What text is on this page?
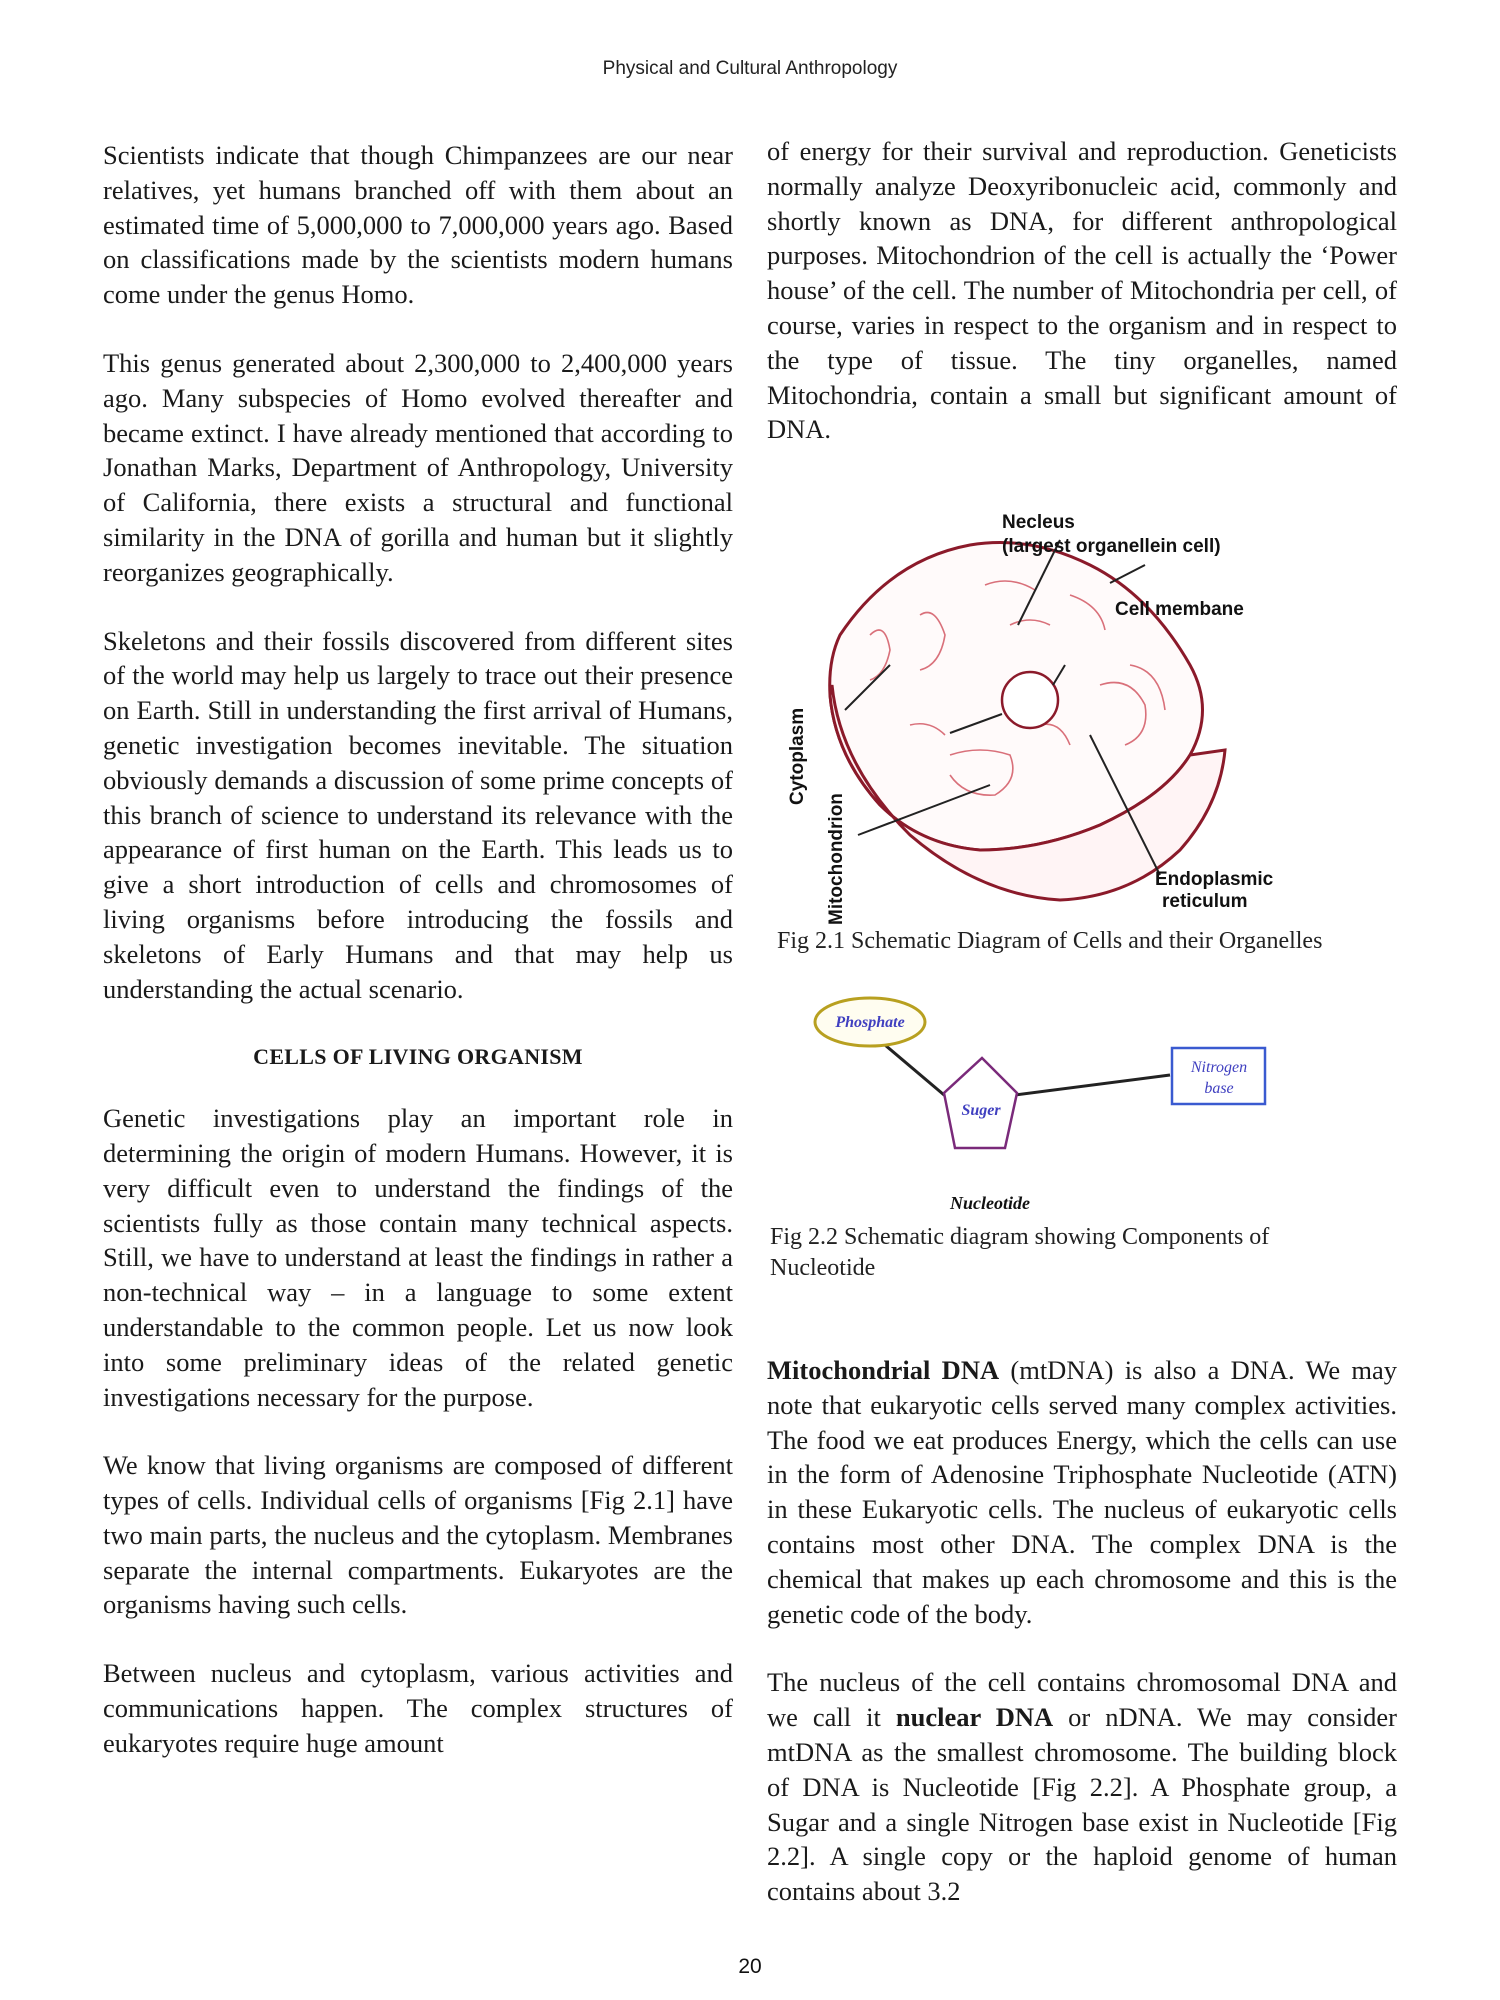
Physical and Cultural Anthropology

Scientists indicate that though Chimpanzees are our near relatives, yet humans branched off with them about an estimated time of 5,000,000 to 7,000,000 years ago. Based on classifications made by the scientists modern humans come under the genus Homo.

This genus generated about 2,300,000 to 2,400,000 years ago. Many subspecies of Homo evolved thereafter and became extinct. I have already mentioned that according to Jonathan Marks, Department of Anthropology, University of California, there exists a structural and functional similarity in the DNA of gorilla and human but it slightly reorganizes geographically.

Skeletons and their fossils discovered from different sites of the world may help us largely to trace out their presence on Earth. Still in understanding the first arrival of Humans, genetic investigation becomes inevitable. The situation obviously demands a discussion of some prime concepts of this branch of science to understand its relevance with the appearance of first human on the Earth. This leads us to give a short introduction of cells and chromosomes of living organisms before introducing the fossils and skeletons of Early Humans and that may help us understanding the actual scenario.

CELLS OF LIVING ORGANISM

Genetic investigations play an important role in determining the origin of modern Humans. However, it is very difficult even to understand the findings of the scientists fully as those contain many technical aspects. Still, we have to understand at least the findings in rather a non-technical way – in a language to some extent understandable to the common people. Let us now look into some preliminary ideas of the related genetic investigations necessary for the purpose.

We know that living organisms are composed of different types of cells. Individual cells of organisms [Fig 2.1] have two main parts, the nucleus and the cytoplasm. Membranes separate the internal compartments. Eukaryotes are the organisms having such cells.

Between nucleus and cytoplasm, various activities and communications happen. The complex structures of eukaryotes require huge amount

of energy for their survival and reproduction. Geneticists normally analyze Deoxyribonucleic acid, commonly and shortly known as DNA, for different anthropological purposes. Mitochondrion of the cell is actually the ‘Power house’ of the cell. The number of Mitochondria per cell, of course, varies in respect to the organism and in respect to the type of tissue. The tiny organelles, named Mitochondria, contain a small but significant amount of DNA.

Necleus
(largest organellein cell)
Cell membane
Cytoplasm
Mitochondrion	Endoplasmic
reticulum
Fig 2.1 Schematic Diagram of Cells and their Organelles
Phosphate
Suger
Nitrogen
base
Nucleotide
Fig 2.2 Schematic diagram showing Components of Nucleotide

Mitochondrial DNA (mtDNA) is also a DNA. We may note that eukaryotic cells served many complex activities. The food we eat produces Energy, which the cells can use in the form of Adenosine Triphosphate Nucleotide (ATN) in these Eukaryotic cells. The nucleus of eukaryotic cells contains most other DNA. The complex DNA is the chemical that makes up each chromosome and this is the genetic code of the body.

The nucleus of the cell contains chromosomal DNA and we call it nuclear DNA or nDNA. We may consider mtDNA as the smallest chromosome. The building block of DNA is Nucleotide [Fig 2.2]. A Phosphate group, a Sugar and a single Nitrogen base exist in Nucleotide [Fig 2.2]. A single copy or the haploid genome of human contains about 3.2

20
